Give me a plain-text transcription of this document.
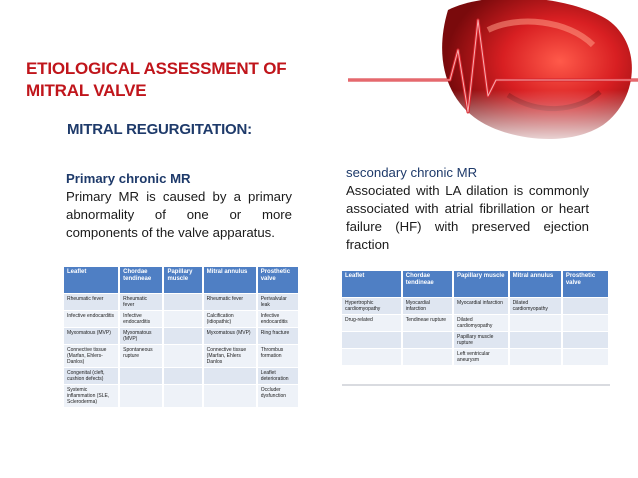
ETIOLOGICAL ASSESSMENT OF
MITRAL VALVE
MITRAL REGURGITATION:
Primary chronic MR
Primary MR is caused by a primary abnormality of one or more components of the valve apparatus.
secondary chronic MR
Associated with LA dilation is commonly associated with atrial fibrillation or heart failure (HF) with preserved ejection fraction
Leaflet	Chordae tendineae	Papillary muscle	Mitral annulus	Prosthetic valve
Rheumatic fever	Rheumatic fever		Rheumatic fever	Perivalvular leak
Infective endocarditis	Infective endocarditis		Calcification (idiopathic)	Infective endocarditis
Myxomatous (MVP)	Myxomatous (MVP)		Myxomatous (MVP)	Ring fracture
Connective tissue (Marfan, Ehlers-Danlos)	Spontaneous rupture		Connective tissue (Marfan, Ehlers Danlos	Thrombus formation
Congenital (cleft, cushion defects)				Leaflet deterioration
Systemic inflammation (SLE, Scleroderma)				Occluder dysfunction
Leaflet	Chordae tendineae	Papillary muscle	Mitral annulus	Prosthetic valve
Hypertrophic cardiomyopathy	Myocardial infarction	Myocardial infarction	Dilated cardiomyopathy	
Drug-related	Tendineae rupture	Dilated cardiomyopathy		
		Papillary muscle rupture		
		Left ventricular aneurysm		
